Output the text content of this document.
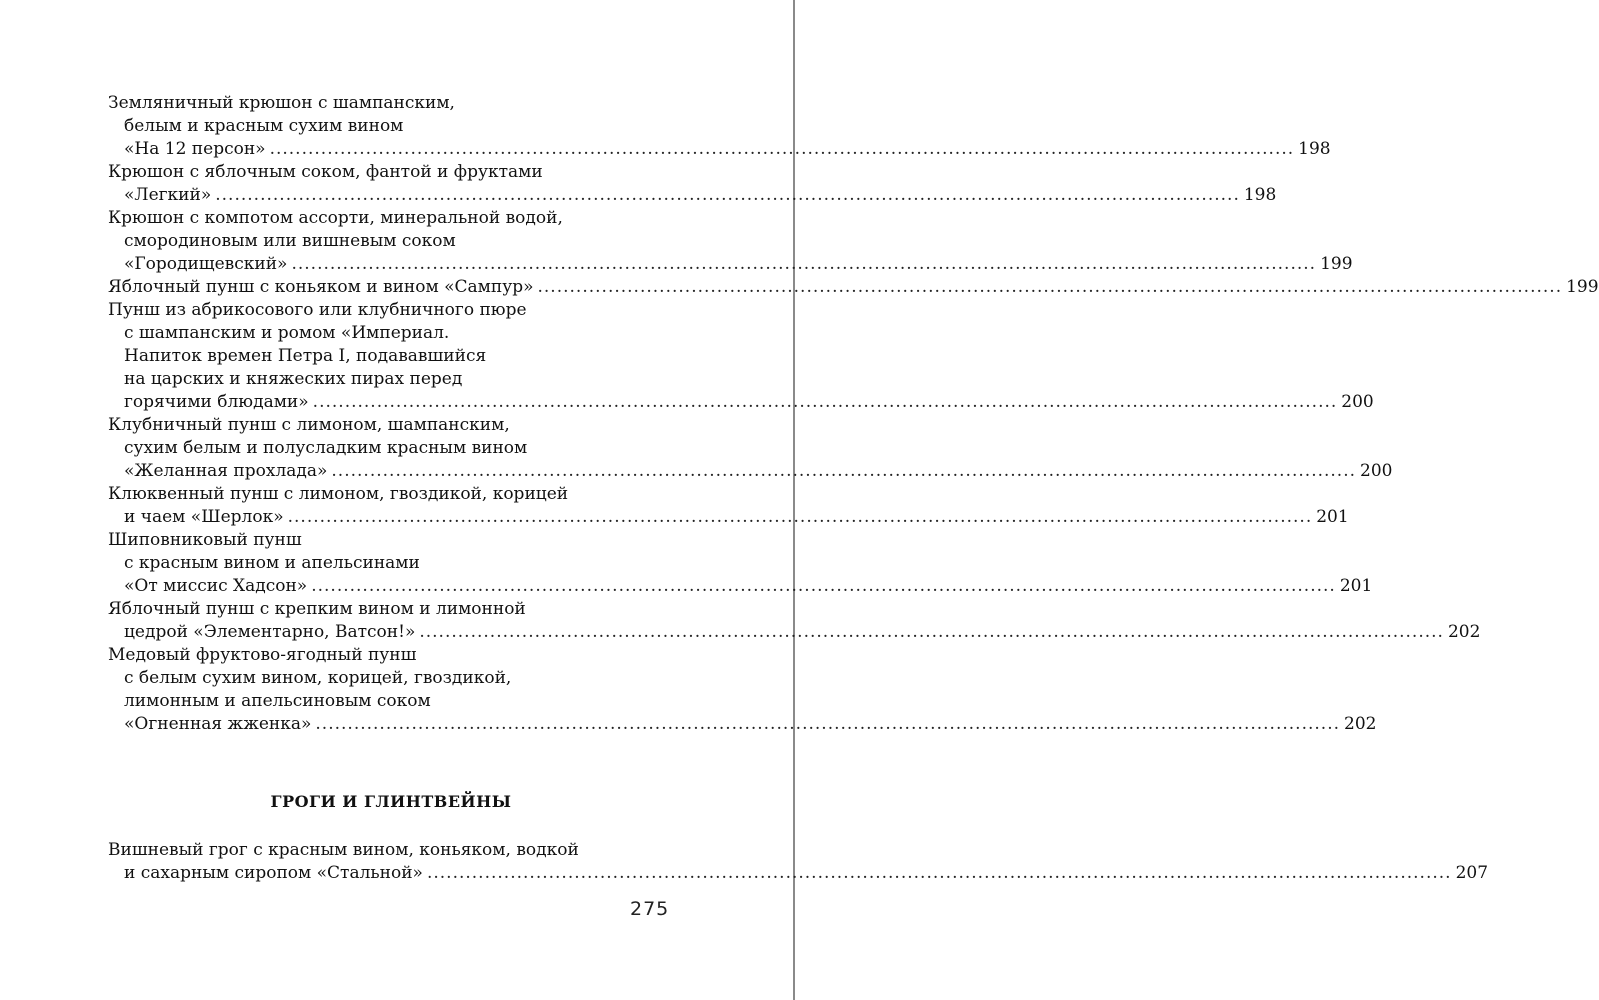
Земляничный крюшон с шампанским,
белым и красным сухим вином
«На 12 персон» ................................................................................................................................................................ 198
Крюшон с яблочным соком, фантой и фруктами
«Легкий» ................................................................................................................................................................ 198
Крюшон с компотом ассорти, минеральной водой,
смородиновым или вишневым соком
«Городищевский» ................................................................................................................................................................ 199
Яблочный пунш с коньяком и вином «Сампур» ................................................................................................................................................................ 199
Пунш из абрикосового или клубничного пюре
с шампанским и ромом «Империал.
Напиток времен Петра I, подававшийся
на царских и княжеских пирах перед
горячими блюдами» ................................................................................................................................................................ 200
Клубничный пунш с лимоном, шампанским,
сухим белым и полусладким красным вином
«Желанная прохлада» ................................................................................................................................................................ 200
Клюквенный пунш с лимоном, гвоздикой, корицей
и чаем «Шерлок» ................................................................................................................................................................ 201
Шиповниковый пунш
с красным вином и апельсинами
«От миссис Хадсон» ................................................................................................................................................................ 201
Яблочный пунш с крепким вином и лимонной
цедрой «Элементарно, Ватсон!» ................................................................................................................................................................ 202
Медовый фруктово-ягодный пунш
с белым сухим вином, корицей, гвоздикой,
лимонным и апельсиновым соком
«Огненная жженка» ................................................................................................................................................................ 202
ГРОГИ И ГЛИНТВЕЙНЫ
Вишневый грог с красным вином, коньяком, водкой
и сахарным сиропом «Стальной» ................................................................................................................................................................ 207
275
